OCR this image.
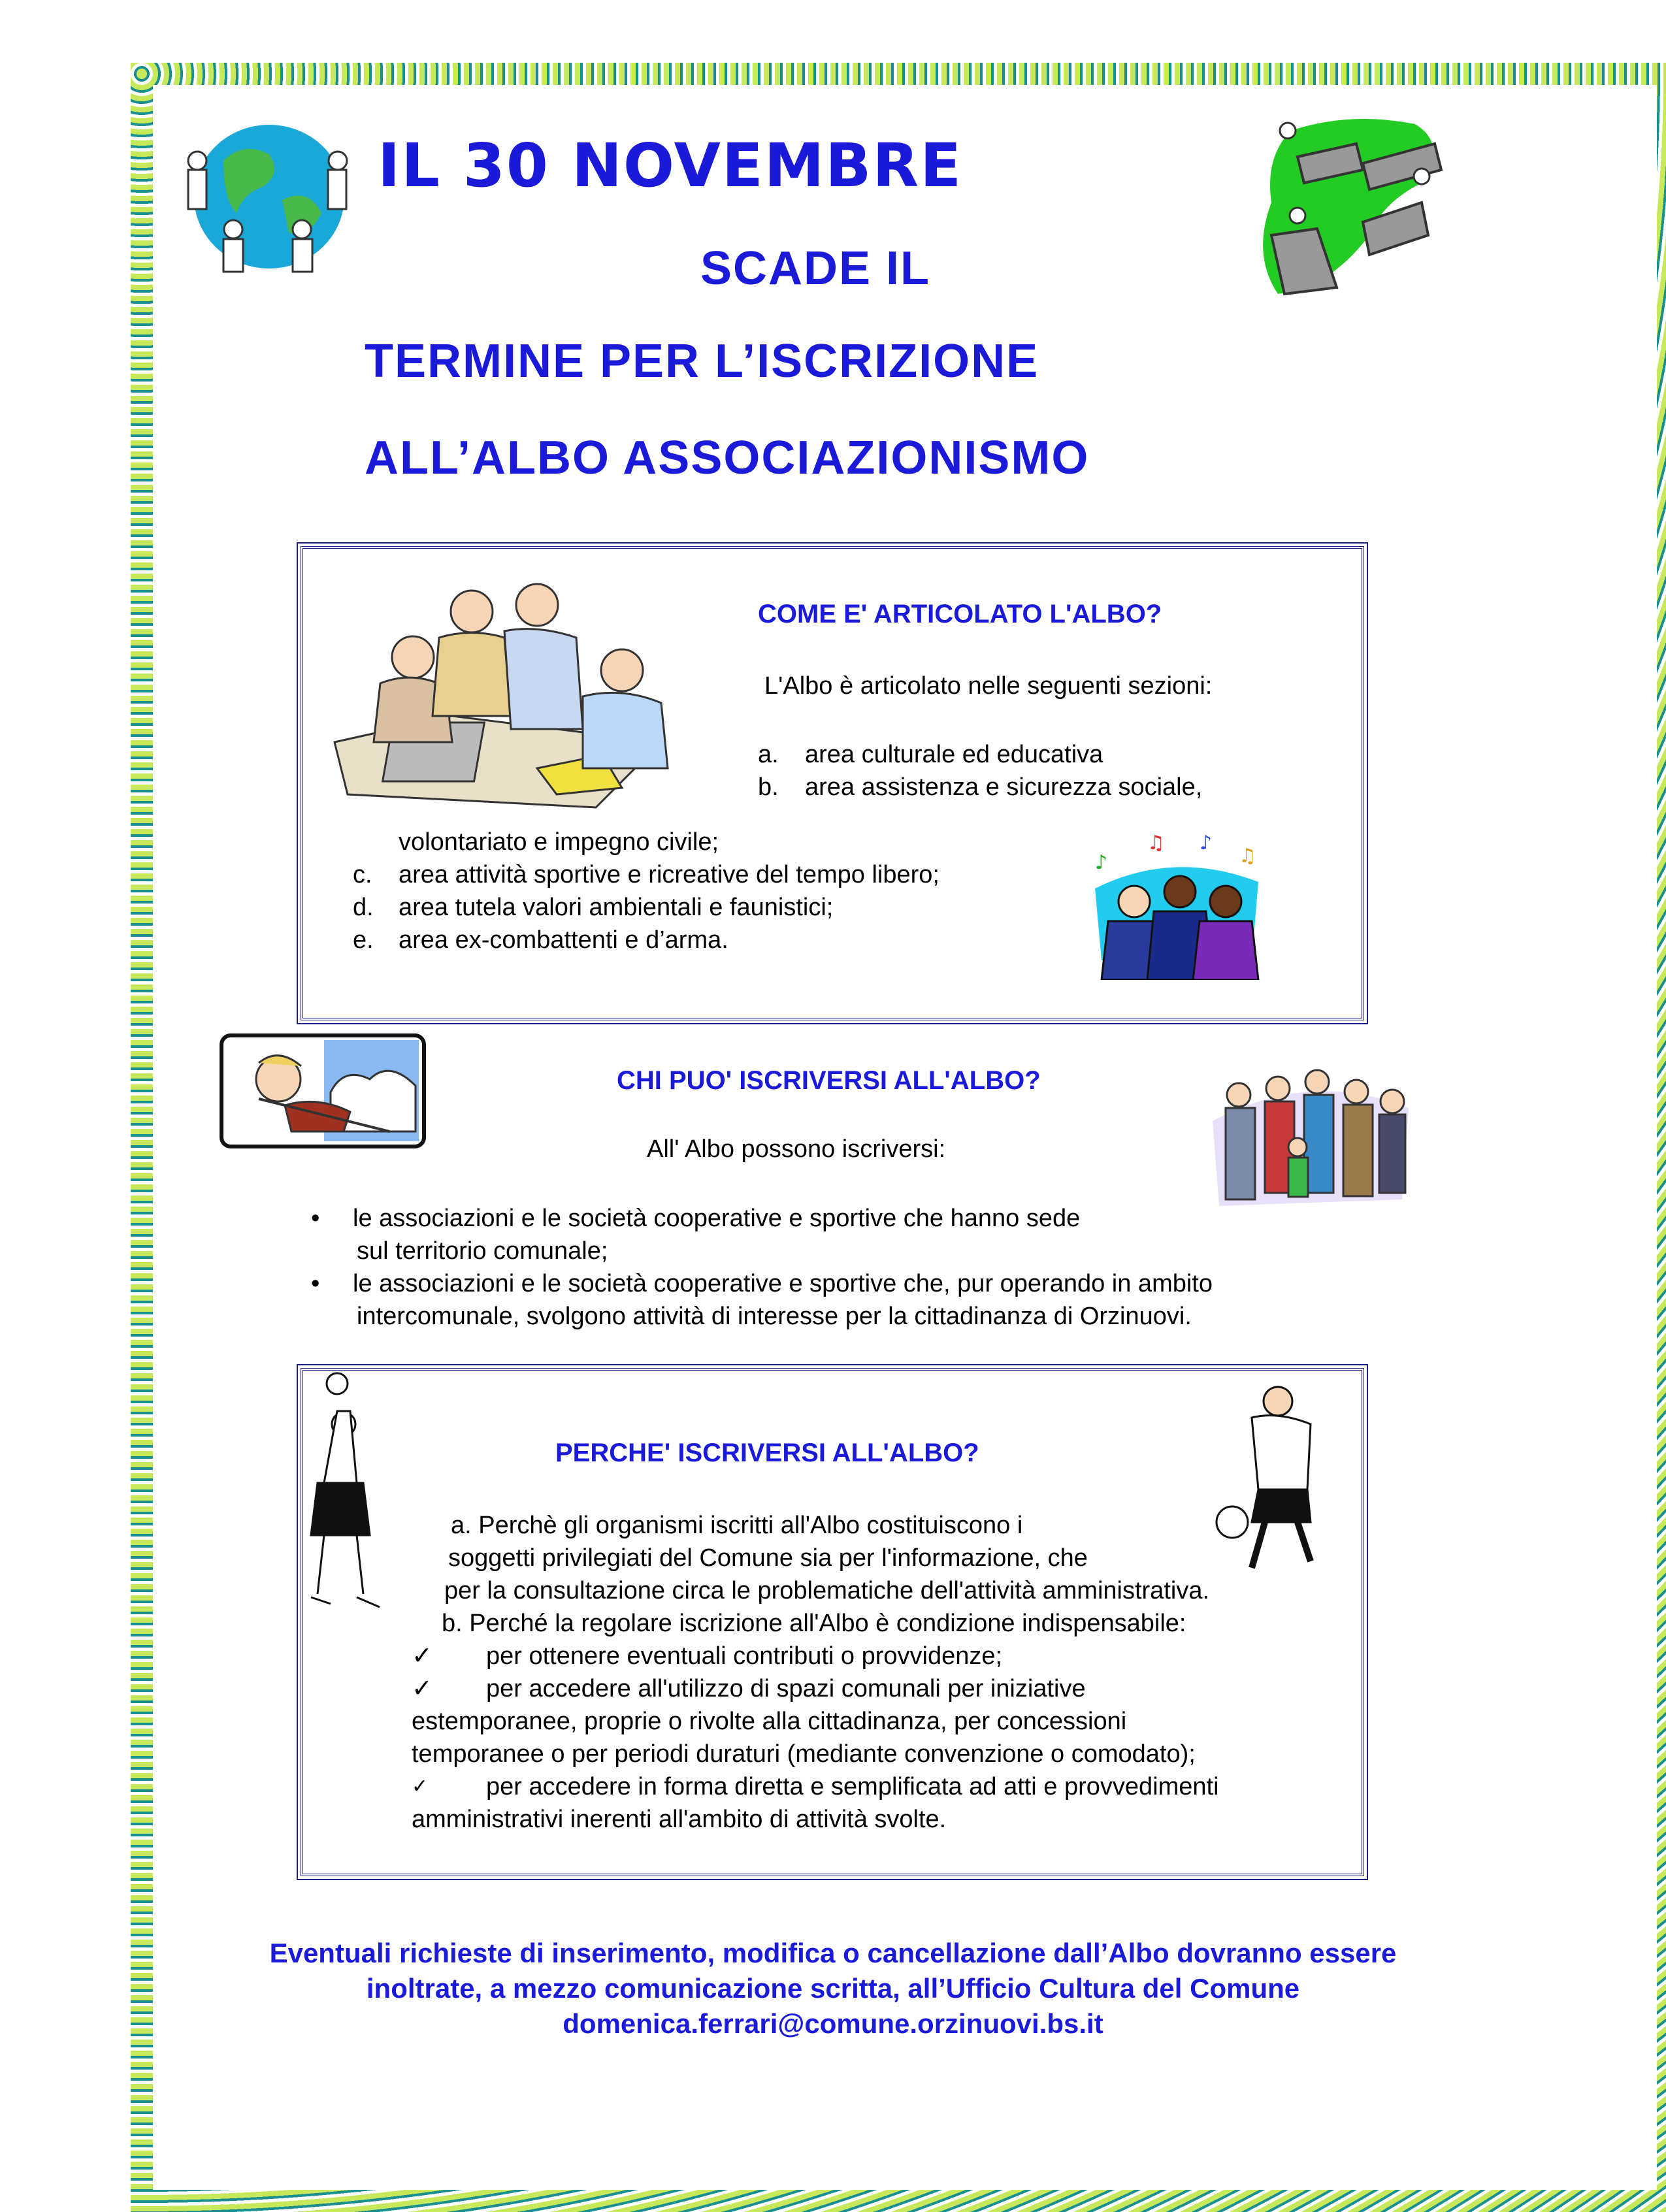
IL 30 NOVEMBRE
SCADE IL
TERMINE PER L’ISCRIZIONE
ALL’ALBO ASSOCIAZIONISMO
COME E' ARTICOLATO L'ALBO?
L'Albo è articolato nelle seguenti sezioni:
a. area culturale ed educativa
b. area assistenza e sicurezza sociale,
volontariato e impegno civile;
c. area attività sportive e ricreative del tempo libero;
d. area tutela valori ambientali e faunistici;
e. area ex-combattenti e d’arma.
♪
♫ ♪
♫
CHI PUO' ISCRIVERSI ALL'ALBO?
All' Albo possono iscriversi:
• le associazioni e le società cooperative e sportive che hanno sede
sul territorio comunale;
• le associazioni e le società cooperative e sportive che, pur operando in ambito
intercomunale, svolgono attività di interesse per la cittadinanza di Orzinuovi.
PERCHE' ISCRIVERSI ALL'ALBO?
a. Perchè gli organismi iscritti all'Albo costituiscono i
soggetti privilegiati del Comune sia per l'informazione, che
per la consultazione circa le problematiche dell'attività amministrativa.
b. Perché la regolare iscrizione all'Albo è condizione indispensabile:
✓ per ottenere eventuali contributi o provvidenze;
✓ per accedere all'utilizzo di spazi comunali per iniziative
estemporanee, proprie o rivolte alla cittadinanza, per concessioni
temporanee o per periodi duraturi (mediante convenzione o comodato);
✓ per accedere in forma diretta e semplificata ad atti e provvedimenti
amministrativi inerenti all'ambito di attività svolte.
Eventuali richieste di inserimento, modifica o cancellazione dall’Albo dovranno essere
inoltrate, a mezzo comunicazione scritta, all’Ufficio Cultura del Comune
domenica.ferrari@comune.orzinuovi.bs.it
